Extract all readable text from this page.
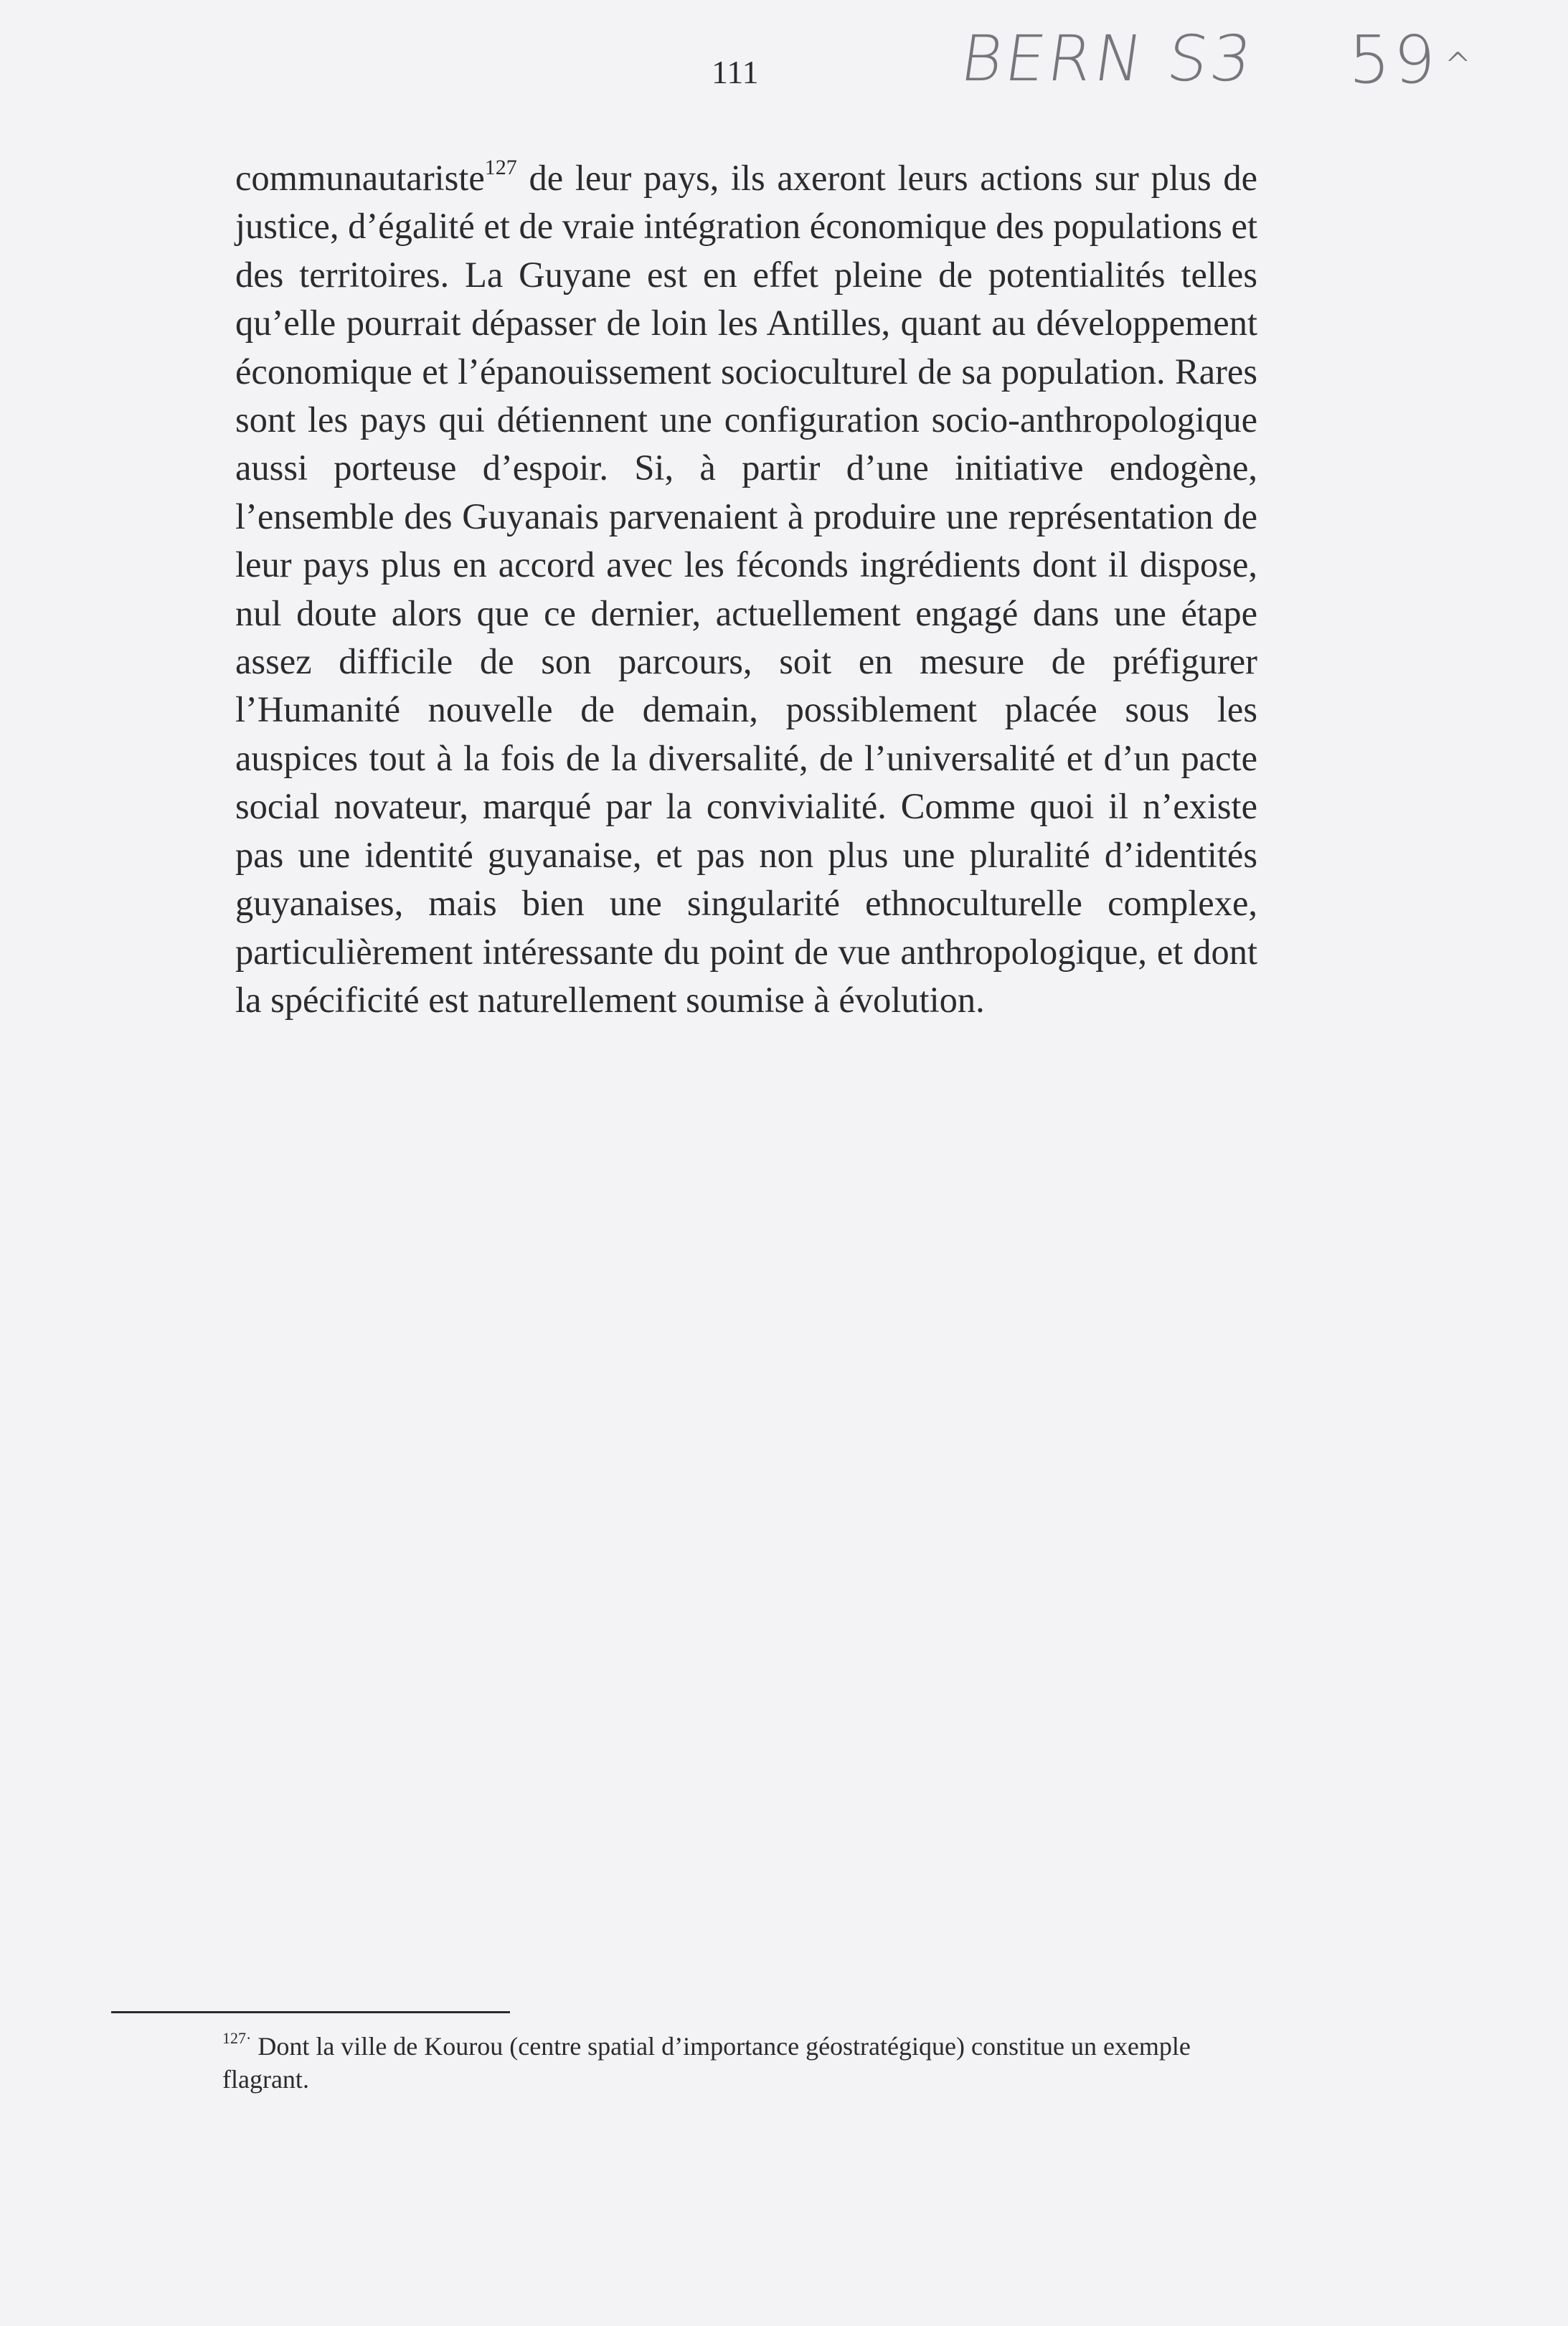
111	BERN S3 59 ^

communautariste$^{127}$ de leur pays, ils axeront leurs actions sur plus de justice, d’égalité et de vraie intégration économique des populations et des territoires. La Guyane est en effet pleine de potentialités telles qu’elle pourrait dépasser de loin les Antilles, quant au développement économique et l’épanouissement socioculturel de sa population. Rares sont les pays qui détiennent une configuration socio-anthropologique aussi porteuse d’espoir. Si, à partir d’une initiative endogène, l’ensemble des Guyanais parvenaient à produire une représentation de leur pays plus en accord avec les féconds ingrédients dont il dispose, nul doute alors que ce dernier, actuellement engagé dans une étape assez difficile de son parcours, soit en mesure de préfigurer l’Humanité nouvelle de demain, possiblement placée sous les auspices tout à la fois de la diversalité, de l’universalité et d’un pacte social novateur, marqué par la convivialité. Comme quoi il n’existe pas une identité guyanaise, et pas non plus une pluralité d’identités guyanaises, mais bien une singularité ethnoculturelle complexe, particulièrement intéressante du point de vue anthropologique, et dont la spécificité est naturellement soumise à évolution.

$^{127\cdot}$ Dont la ville de Kourou (centre spatial d’importance géostratégique) constitue un exemple flagrant.
